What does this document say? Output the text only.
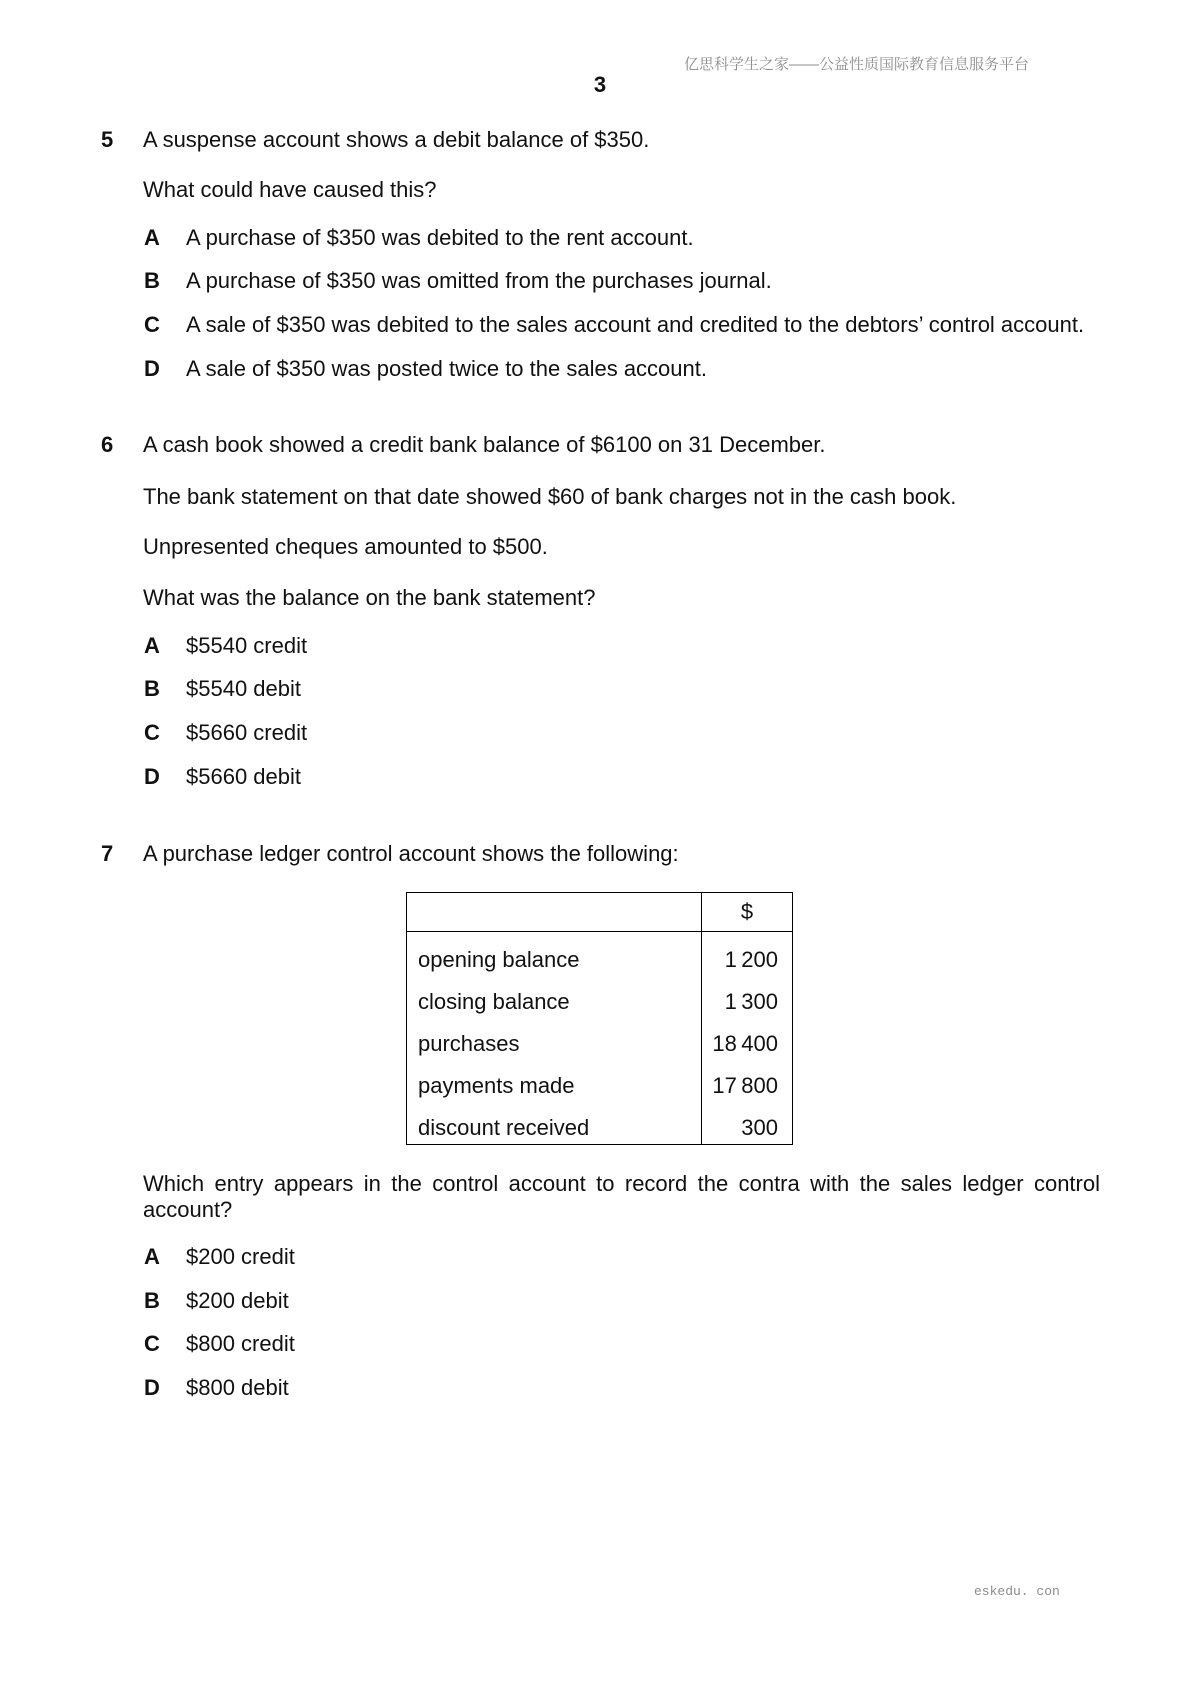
亿思科学生之家——公益性质国际教育信息服务平台
3
5 A suspense account shows a debit balance of $350.
What could have caused this?
A A purchase of $350 was debited to the rent account.
B A purchase of $350 was omitted from the purchases journal.
C A sale of $350 was debited to the sales account and credited to the debtors’ control account.
D A sale of $350 was posted twice to the sales account.
6 A cash book showed a credit bank balance of $6100 on 31 December.
The bank statement on that date showed $60 of bank charges not in the cash book.
Unpresented cheques amounted to $500.
What was the balance on the bank statement?
A $5540 credit
B $5540 debit
C $5660 credit
D $5660 debit
7 A purchase ledger control account shows the following:
$
opening balance	1 200
closing balance	1 300
purchases	18 400
payments made	17 800
discount received	300
Which entry appears in the control account to record the contra with the sales ledger control account?
A $200 credit
B $200 debit
C $800 credit
D $800 debit
eskedu. con
